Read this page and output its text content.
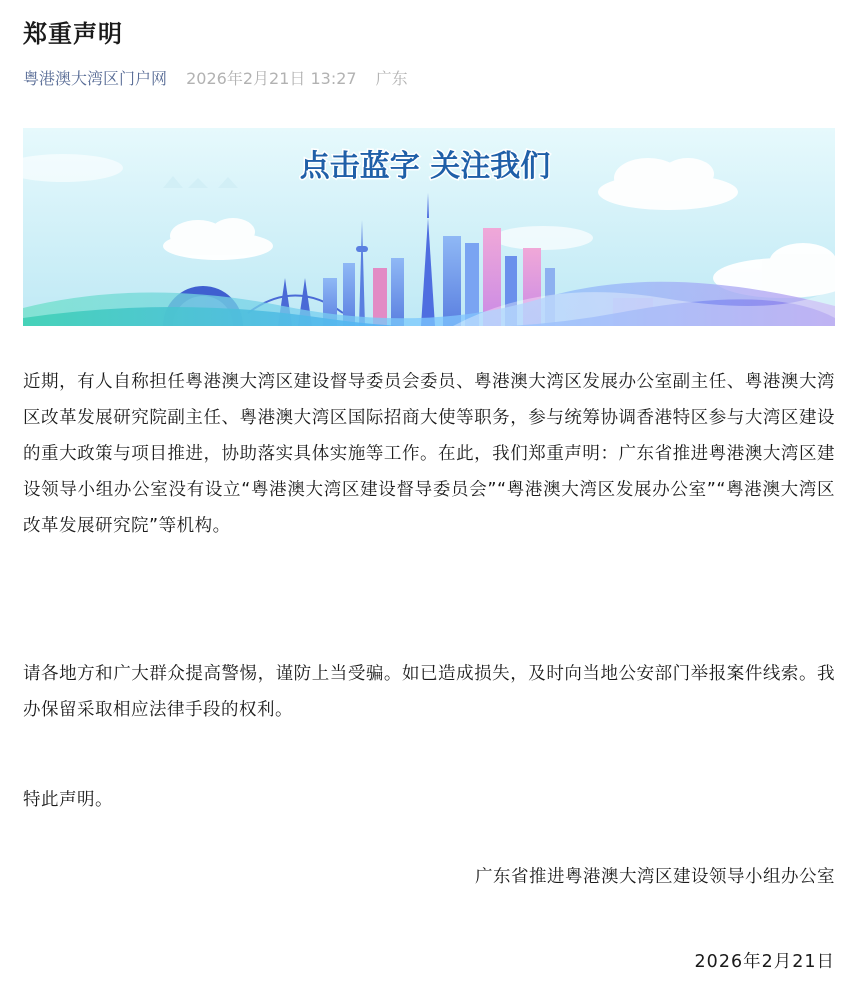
郑重声明
粤港澳大湾区门户网 2026年2月21日 13:27 广东
点击蓝字 关注我们

近期，有人自称担任粤港澳大湾区建设督导委员会委员、粤港澳大湾区发展办公室副主任、粤港澳大湾区改革发展研究院副主任、粤港澳大湾区国际招商大使等职务，参与统筹协调香港特区参与大湾区建设的重大政策与项目推进，协助落实具体实施等工作。在此，我们郑重声明：广东省推进粤港澳大湾区建设领导小组办公室没有设立“粤港澳大湾区建设督导委员会”“粤港澳大湾区发展办公室”“粤港澳大湾区改革发展研究院”等机构。

请各地方和广大群众提高警惕，谨防上当受骗。如已造成损失，及时向当地公安部门举报案件线索。我办保留采取相应法律手段的权利。

特此声明。

广东省推进粤港澳大湾区建设领导小组办公室
2026年2月21日
